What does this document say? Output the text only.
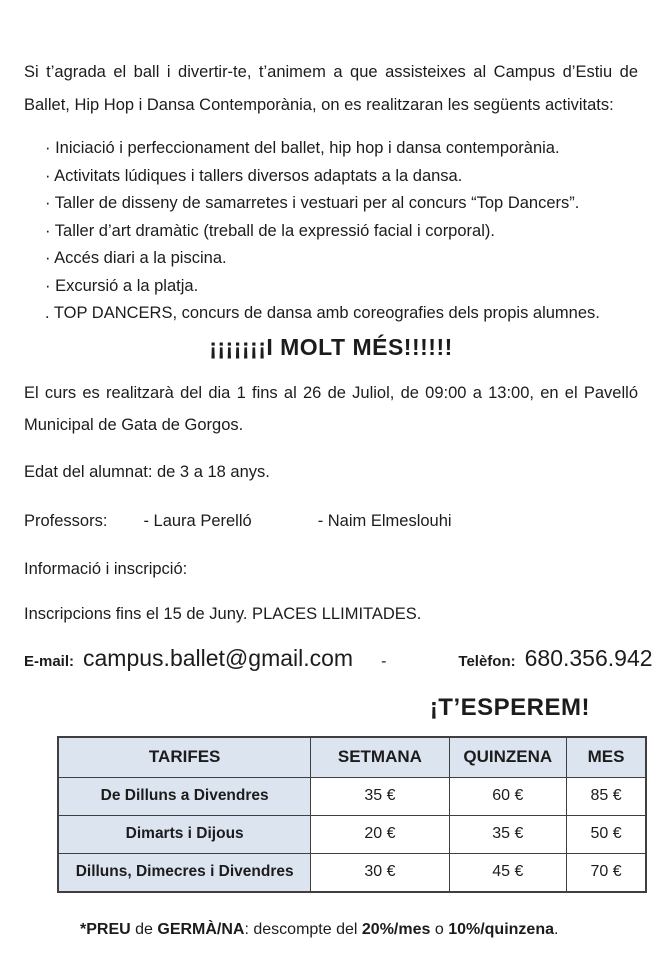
Si t’agrada el ball i divertir-te, t’animem a que assisteixes al Campus d’Estiu de Ballet, Hip Hop i Dansa Contemporània, on es realitzaran les següents activitats:

· Iniciació i perfeccionament del ballet, hip hop i dansa contemporània.
· Activitats lúdiques i tallers diversos adaptats a la dansa.
· Taller de disseny de samarretes i vestuari per al concurs “Top Dancers”.
· Taller d’art dramàtic (treball de la expressió facial i corporal).
· Accés diari a la piscina.
· Excursió a la platja.
. TOP DANCERS, concurs de dansa amb coreografies dels propis alumnes.
¡¡¡¡¡¡¡I MOLT MÉS!!!!!!

El curs es realitzarà del dia 1 fins al 26 de Juliol, de 09:00 a 13:00, en el Pavelló Municipal de Gata de Gorgos.

Edat del alumnat: de 3 a 18 anys.

Professors: - Laura Perelló	- Naim Elmeslouhi

Informació i inscripció:

Inscripcions fins el 15 de Juny. PLACES LLIMITADES.

E-mail: campus.ballet@gmail.com -	Telèfon: 680.356.942
¡T’ESPEREM!
TARIFES	SETMANA	QUINZENA	MES
De Dilluns a Divendres	35 €	60 €	85 €
Dimarts i Dijous	20 €	35 €	50 €
Dilluns, Dimecres i Divendres	30 €	45 €	70 €

*PREU de GERMÀ/NA: descompte del 20%/mes o 10%/quinzena.
